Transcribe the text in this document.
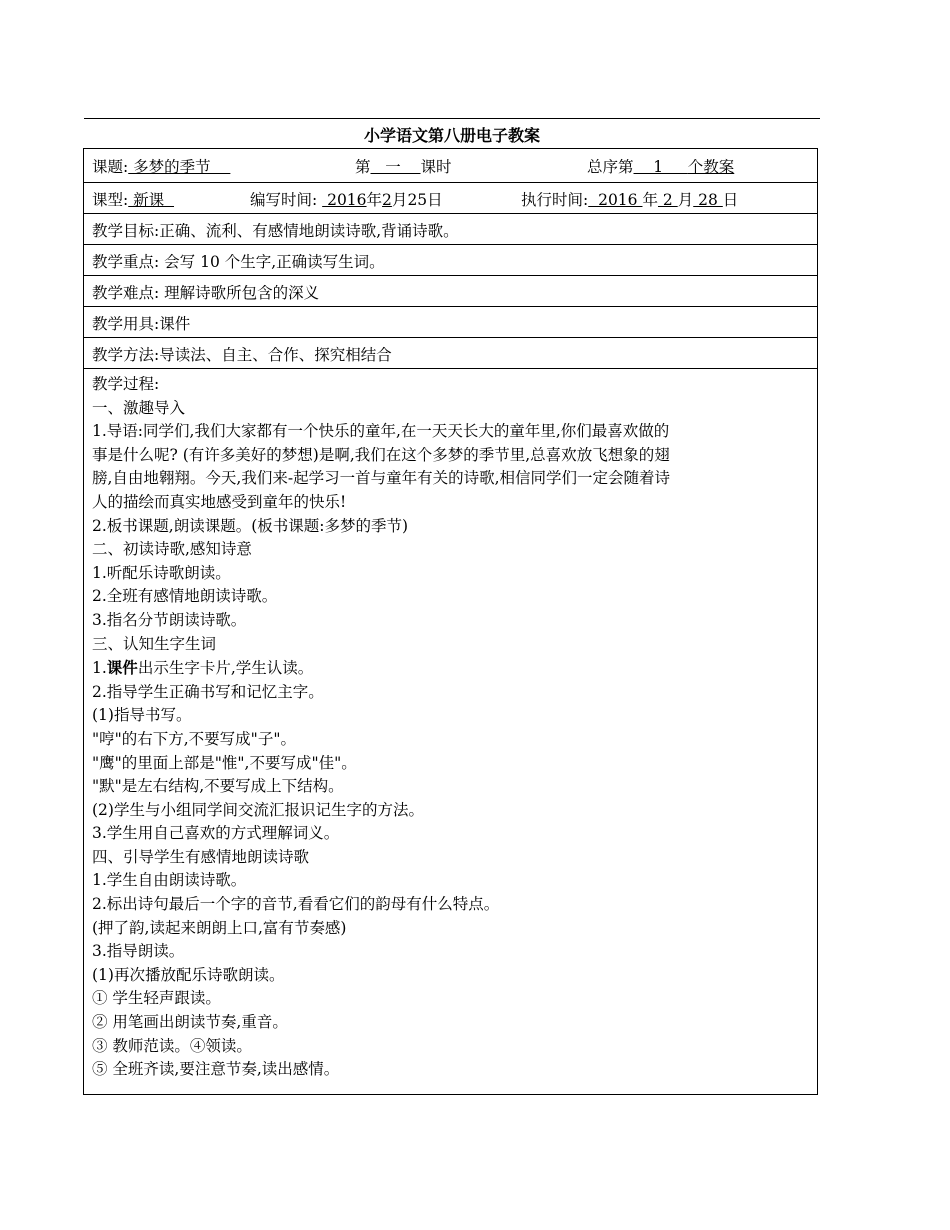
小学语文第八册电子教案
课题: 多梦的季节	第   一    课时	总序第    1     个教案
课型: 新课	编写时间:  2016年2月25日	执行时间:  2016 年 2 月 28 日
教学目标:正确、流利、有感情地朗读诗歌,背诵诗歌。
教学重点: 会写 10 个生字,正确读写生词。
教学难点: 理解诗歌所包含的深义
教学用具:课件
教学方法:导读法、自主、合作、探究相结合

教学过程:

一、激趣导入

1.导语:同学们,我们大家都有一个快乐的童年,在一天天长大的童年里,你们最喜欢做的

事是什么呢? (有许多美好的梦想)是啊,我们在这个多梦的季节里,总喜欢放飞想象的翅

膀,自由地翱翔。今天,我们来-起学习一首与童年有关的诗歌,相信同学们一定会随着诗

人的描绘而真实地感受到童年的快乐!

2.板书课题,朗读课题。(板书课题:多梦的季节)

二、初读诗歌,感知诗意

1.听配乐诗歌朗读。

2.全班有感情地朗读诗歌。

3.指名分节朗读诗歌。

三、认知生字生词

1.课件出示生字卡片,学生认读。

2.指导学生正确书写和记忆主字。

(1)指导书写。

"哼"的右下方,不要写成"子"。

"鹰"的里面上部是"惟",不要写成"佳"。

"默"是左右结构,不要写成上下结构。

(2)学生与小组同学间交流汇报识记生字的方法。

3.学生用自己喜欢的方式理解词义。

四、引导学生有感情地朗读诗歌

1.学生自由朗读诗歌。

2.标出诗句最后一个字的音节,看看它们的韵母有什么特点。

(押了韵,读起来朗朗上口,富有节奏感)

3.指导朗读。

(1)再次播放配乐诗歌朗读。

① 学生轻声跟读。

② 用笔画出朗读节奏,重音。

③ 教师范读。④领读。

⑤ 全班齐读,要注意节奏,读出感情。
